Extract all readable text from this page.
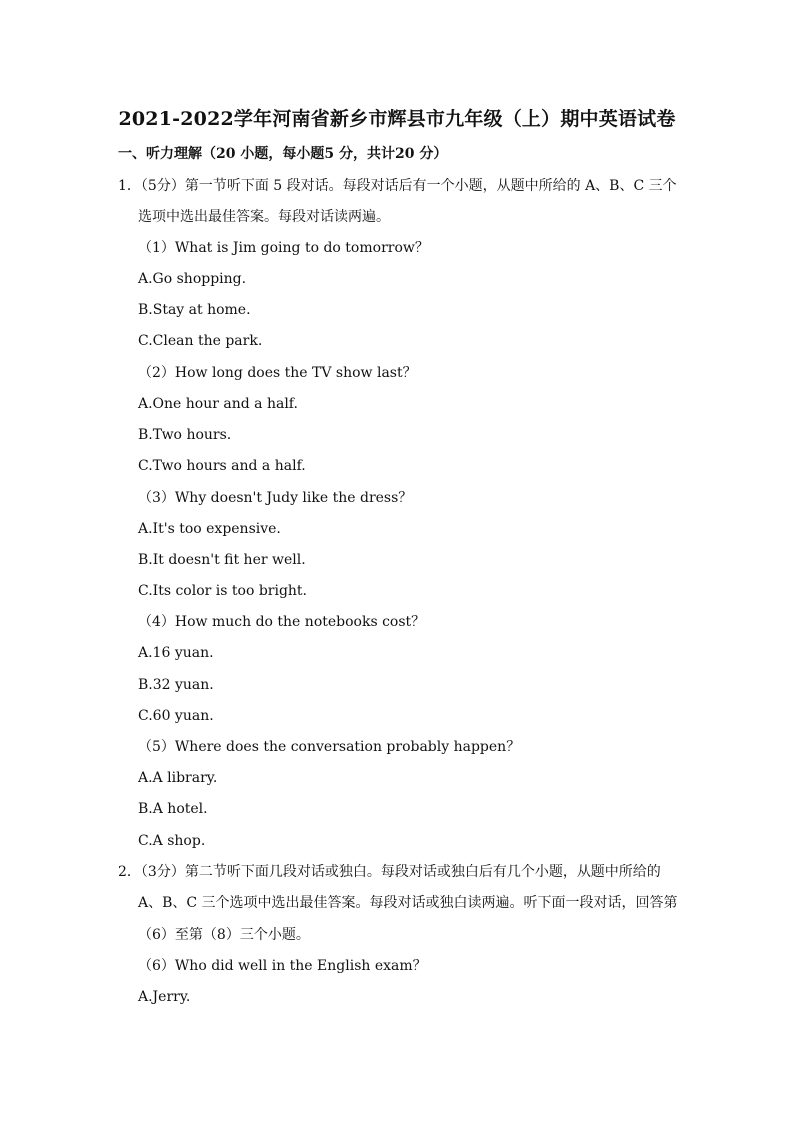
2021-2022学年河南省新乡市辉县市九年级（上）期中英语试卷
一、听力理解（20 小题，每小题5 分，共计20 分）
1．（5分）第一节听下面 5 段对话。每段对话后有一个小题，从题中所给的 A、B、C 三个
选项中选出最佳答案。每段对话读两遍。
（1）What is Jim going to do tomorrow？
A.Go shopping.
B.Stay at home.
C.Clean the park.
（2）How long does the TV show last？
A.One hour and a half.
B.Two hours.
C.Two hours and a half.
（3）Why doesn't Judy like the dress？
A.It's too expensive.
B.It doesn't fit her well.
C.Its color is too bright.
（4）How much do the notebooks cost？
A.16 yuan.
B.32 yuan.
C.60 yuan.
（5）Where does the conversation probably happen？
A.A library.
B.A hotel.
C.A shop.
2．（3分）第二节听下面几段对话或独白。每段对话或独白后有几个小题，从题中所给的
A、B、C 三个选项中选出最佳答案。每段对话或独白读两遍。听下面一段对话，回答第
（6）至第（8）三个小题。
（6）Who did well in the English exam？
A.Jerry.
